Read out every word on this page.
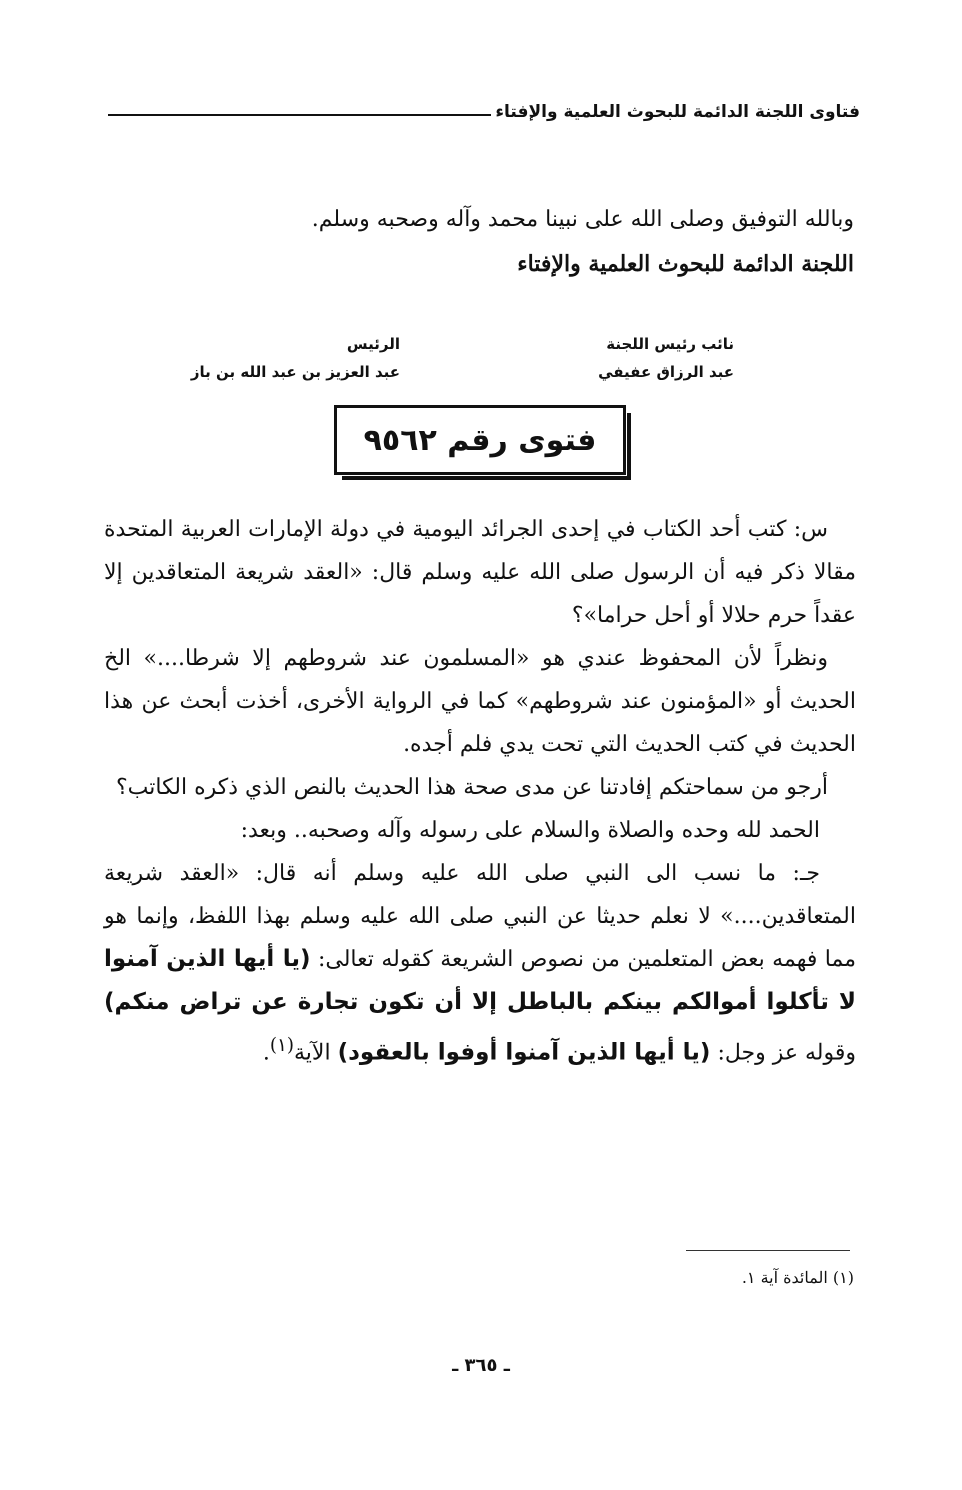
فتاوى اللجنة الدائمة للبحوث العلمية والإفتاء
وبالله التوفيق وصلى الله على نبينا محمد وآله وصحبه وسلم.
اللجنة الدائمة للبحوث العلمية والإفتاء
نائب رئيس اللجنة
عبد الرزاق عفيفي
الرئيس
عبد العزيز بن عبد الله بن باز
فتوى رقم ٩٥٦٢

س: كتب أحد الكتاب في إحدى الجرائد اليومية في دولة الإمارات العربية المتحدة مقالا ذكر فيه أن الرسول صلى الله عليه وسلم قال: «العقد شريعة المتعاقدين إلا عقداً حرم حلالا أو أحل حراما»؟

ونظراً لأن المحفوظ عندي هو «المسلمون عند شروطهم إلا شرطا....» الخ الحديث أو «المؤمنون عند شروطهم» كما في الرواية الأخرى، أخذت أبحث عن هذا الحديث في كتب الحديث التي تحت يدي فلم أجده.

أرجو من سماحتكم إفادتنا عن مدى صحة هذا الحديث بالنص الذي ذكره الكاتب؟

الحمد لله وحده والصلاة والسلام على رسوله وآله وصحبه.. وبعد:

جـ: ما نسب الى النبي صلى الله عليه وسلم أنه قال: «العقد شريعة المتعاقدين....» لا نعلم حديثا عن النبي صلى الله عليه وسلم بهذا اللفظ، وإنما هو مما فهمه بعض المتعلمين من نصوص الشريعة كقوله تعالى: (يا أيها الذين آمنوا لا تأكلوا أموالكم بينكم بالباطل إلا أن تكون تجارة عن تراض منكم) وقوله عز وجل: (يا أيها الذين آمنوا أوفوا بالعقود) الآية$^{(١)}$.

(١) المائدة آية ١.
ـ ٣٦٥ ـ
